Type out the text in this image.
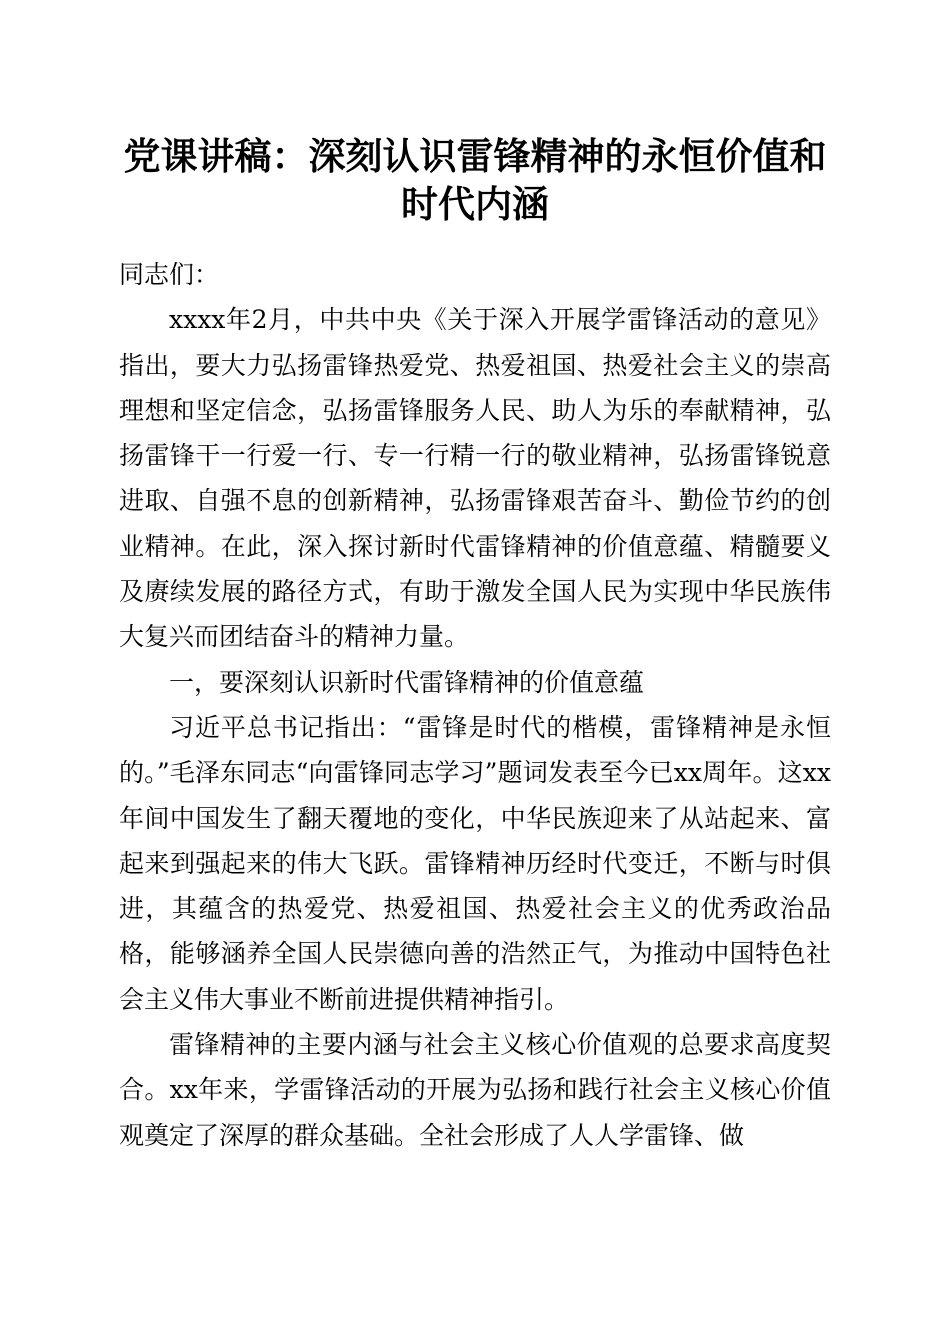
党课讲稿：深刻认识雷锋精神的永恒价值和时代内涵

同志们：

xxxx年2月，中共中央《关于深入开展学雷锋活动的意见》指出，要大力弘扬雷锋热爱党、热爱祖国、热爱社会主义的崇高理想和坚定信念，弘扬雷锋服务人民、助人为乐的奉献精神，弘扬雷锋干一行爱一行、专一行精一行的敬业精神，弘扬雷锋锐意进取、自强不息的创新精神，弘扬雷锋艰苦奋斗、勤俭节约的创业精神。在此，深入探讨新时代雷锋精神的价值意蕴、精髓要义及赓续发展的路径方式，有助于激发全国人民为实现中华民族伟大复兴而团结奋斗的精神力量。

一，要深刻认识新时代雷锋精神的价值意蕴

习近平总书记指出：“雷锋是时代的楷模，雷锋精神是永恒的。”毛泽东同志“向雷锋同志学习”题词发表至今已xx周年。这xx年间中国发生了翻天覆地的变化，中华民族迎来了从站起来、富起来到强起来的伟大飞跃。雷锋精神历经时代变迁，不断与时俱进，其蕴含的热爱党、热爱祖国、热爱社会主义的优秀政治品格，能够涵养全国人民崇德向善的浩然正气，为推动中国特色社会主义伟大事业不断前进提供精神指引。

雷锋精神的主要内涵与社会主义核心价值观的总要求高度契合。xx年来，学雷锋活动的开展为弘扬和践行社会主义核心价值观奠定了深厚的群众基础。全社会形成了人人学雷锋、做
